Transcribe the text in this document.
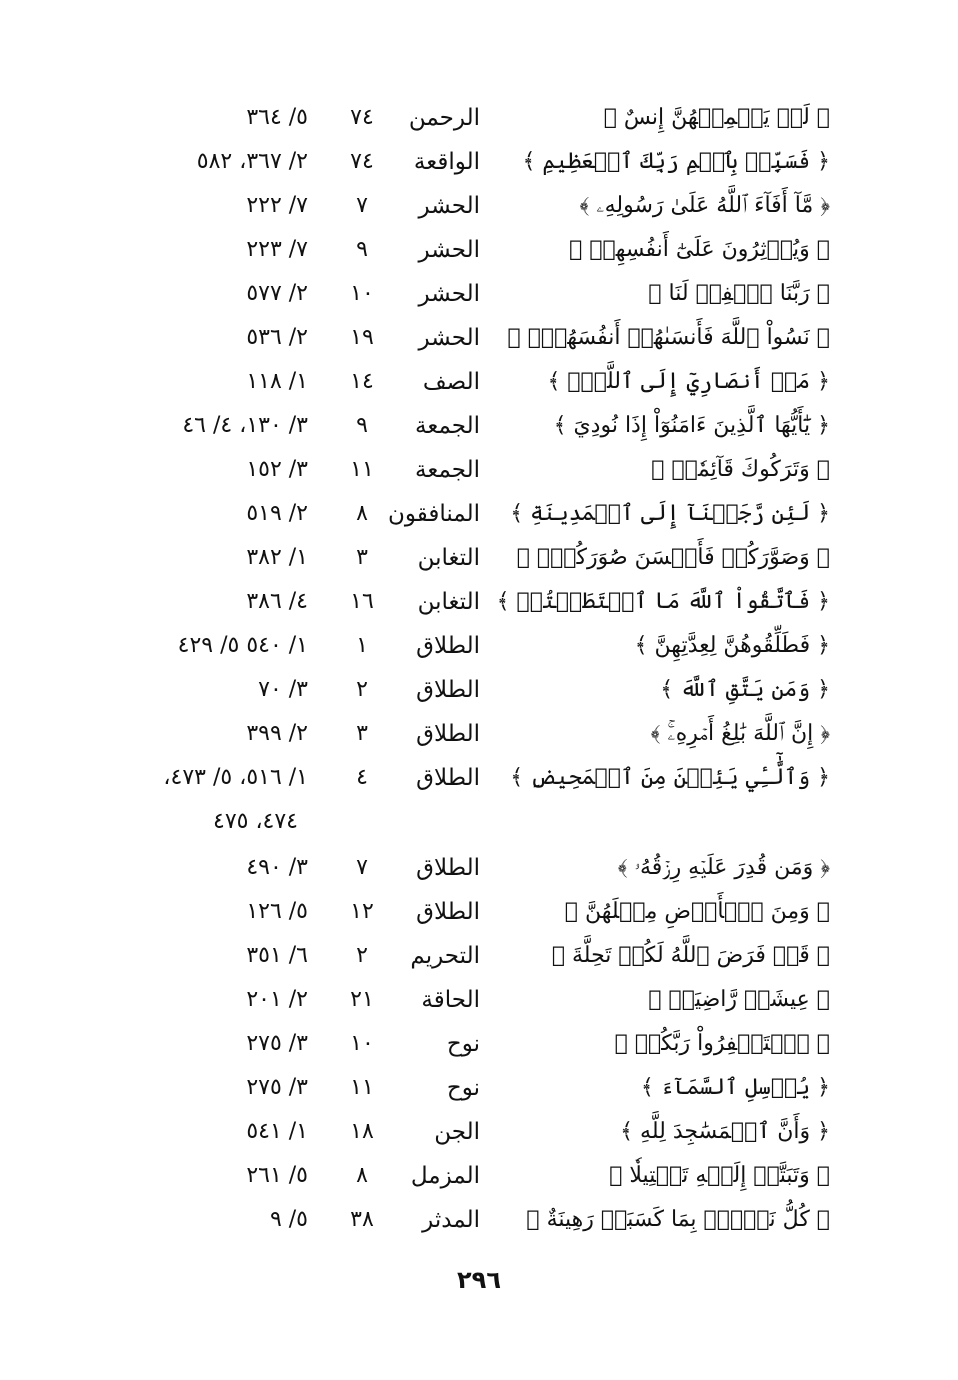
﴿ لَمۡ يَطۡمِثۡهُنَّ إِنسٌ ﴾
الرحمن
٧٤
٥/ ٣٦٤
﴿ فَسَبِّحۡ بِٱسۡمِ رَبِّكَ ٱلۡعَظِيمِ ﴾
الواقعة
٧٤
٢/ ٣٦٧، ٥٨٢
﴿ مَّآ أَفَآءَ ٱللَّهُ عَلَىٰ رَسُولِهِۦ ﴾
الحشر
٧
٧/ ٢٢٢
﴿ وَيُؤۡثِرُونَ عَلَىٰٓ أَنفُسِهِمۡ ﴾
الحشر
٩
٧/ ٢٢٣
﴿ رَبَّنَا ٱغۡفِرۡ لَنَا ﴾
الحشر
١٠
٢/ ٥٧٧
﴿ نَسُواْ ٱللَّهَ فَأَنسَىٰهُمۡ أَنفُسَهُمۡۚ ﴾
الحشر
١٩
٢/ ٥٣٦
﴿ مَنۡ أَنصَارِيٓ إِلَى ٱللَّهِۖ ﴾
الصف
١٤
١/ ١١٨
﴿ يَٰٓأَيُّهَا ٱلَّذِينَ ءَامَنُوٓاْ إِذَا نُودِيَ ﴾
الجمعة
٩
٣/ ١٣٠، ٤/ ٤٦
﴿ وَتَرَكُوكَ قَآئِمٗاۚ ﴾
الجمعة
١١
٣/ ١٥٢
﴿ لَئِن رَّجَعۡنَآ إِلَى ٱلۡمَدِينَةِ ﴾
المنافقون
٨
٢/ ٥١٩
﴿ وَصَوَّرَكُمۡ فَأَحۡسَنَ صُوَرَكُمۡۖ ﴾
التغابن
٣
١/ ٣٨٢
﴿ فَٱتَّقُواْ ٱللَّهَ مَا ٱسۡتَطَعۡتُمۡ ﴾
التغابن
١٦
٤/ ٣٨٦
﴿ فَطَلِّقُوهُنَّ لِعِدَّتِهِنَّ ﴾
الطلاق
١
١/ ٥٤٠ ٥/ ٤٢٩
﴿ وَمَن يَتَّقِ ٱللَّهَ ﴾
الطلاق
٢
٣/ ٧٠
﴿ إِنَّ ٱللَّهَ بَٰلِغُ أَمۡرِهِۦۚ ﴾
الطلاق
٣
٢/ ٣٩٩
﴿ وَٱلَّٰٓـِٔي يَئِسۡنَ مِنَ ٱلۡمَحِيضِ ﴾
الطلاق
٤
١/ ٥١٦، ٥/ ٤٧٣،
٤٧٤، ٤٧٥
﴿ وَمَن قُدِرَ عَلَيۡهِ رِزۡقُهُۥ ﴾
الطلاق
٧
٣/ ٤٩٠
﴿ وَمِنَ ٱلۡأَرۡضِ مِثۡلَهُنَّ ﴾
الطلاق
١٢
٥/ ١٢٦
﴿ قَدۡ فَرَضَ ٱللَّهُ لَكُمۡ تَحِلَّةَ ﴾
التحريم
٢
٦/ ٣٥١
﴿ عِيشَةٖ رَّاضِيَةٖ ﴾
الحاقة
٢١
٢/ ٢٠١
﴿ ٱسۡتَغۡفِرُواْ رَبَّكُمۡ ﴾
نوح
١٠
٣/ ٢٧٥
﴿ يُرۡسِلِ ٱلسَّمَآءَ ﴾
نوح
١١
٣/ ٢٧٥
﴿ وَأَنَّ ٱلۡمَسَٰجِدَ لِلَّهِ ﴾
الجن
١٨
١/ ٥٤١
﴿ وَتَبَتَّلۡ إِلَيۡهِ تَبۡتِيلٗا ﴾
المزمل
٨
٥/ ٢٦١
﴿ كُلُّ نَفۡسِۭ بِمَا كَسَبَتۡ رَهِينَةٌ ﴾
المدثر
٣٨
٥/ ٩
٢٩٦
